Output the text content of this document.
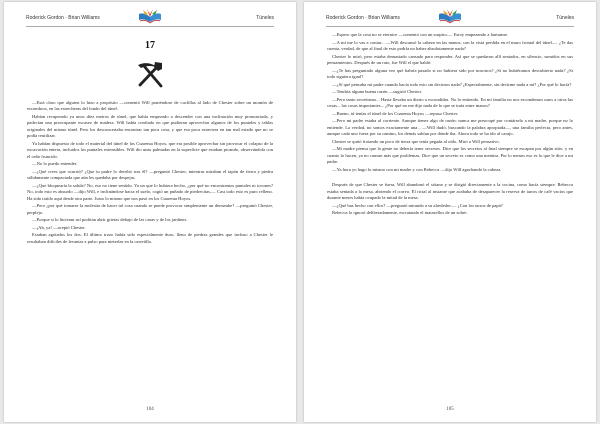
Roderick Gordon · Brian Williams	Túneles
17

—Está claro que alguien lo hizo a propósito —comentó Will poniéndose de cuclillas al lado de Chester sobre un montón de escombros, en las estrecheras del fondo del túnel.

Habían recuperado ya unos diez metros de túnel, que había empezado a descender con una inclinación muy pronunciada, y padecían una preocupante escasez de madera. Will había confiado en que pudieran aprovechar algunos de los puntales y tablas originales del mismo túnel. Pero los desconcertaba encontrar tan poca cosa, y que esa poca estuviera en tan mal estado que no se podía reutilizar.

Ya habían dispuesto de todo el material del túnel de los Cuarenta Hoyos, que era posible aprovechar sin provocar el colapso de la excavación entera, incluidos los puntales extensibles. Will dio unas palmadas en la superficie que estaban picando, observándola con el ceño fruncido.

—No lo puedo entender.

—¿Qué crees que ocurrió? ¿Que tu padre lo derribó tras él? —preguntó Chester, mientras miraban el tapón de tierra y piedra sólidamente compactada que aún les quedaba por despejar.

—¿Que bloquearía la salida? No, eso no tiene sentido. Ya un que lo hubiera hecho, ¿por qué no encontramos puntales ni tocones? No, todo esto es absurdo —dijo Will, e inclinándose hacia el suelo, cogió un puñado de piedrecitas—. Casi todo esto es puro relleno. Ha sido traído aquí desde otra parte. Justo lo mismo que nos pasó en los Cuarenta Hoyos.

—Pero ¿por qué tomarse la molestia de hacer tal cosa cuando se puede provocar simplemente un derrumbe? —preguntó Chester, perplejo.

—Porque si lo hicieran así podrían abrir grietas debajo de las casas y de los jardines.

—¡Ah, ya! —aceptó Chester.

Estaban agotados los dos. El último trozo había sido especialmente duro, lleno de piedras grandes que incluso a Chester le resultaban difíciles de levantar a pulso para meterlas en la carretilla.

104
Roderick Gordon · Brian Williams	Túneles

—Espero que la cosa no se eternice —comentó con un suspiro—. Estoy empezando a hartarme.

—A mí me lo vas a contar... —Will descansó la cabeza en las manos, con la vista perdida en el muro frontal del túnel—. ¿Te das cuenta, verdad, de que al final de esto podría no haber absolutamente nada?

Chester lo miró, pero estaba demasiado cansado para responder. Así que se quedaron allí sentados, en silencio, sumidos en sus pensamientos. Después de un rato, fue Will el que habló:

—¿Te has preguntado alguna vez qué habría pasado si no hubiera sido por nosotros? ¿Si no hubiéramos descubierto nada? ¿Si todo siguiera igual?

—¿Sí qué pensaba mi padre cuando hacía todo esto sin decirnos nada? ¿Especialmente, sin decírme nada a mí? ¿Por qué lo hacía?

—Tendría alguna buena razón —sugirió Chester.

—Pero tanto secretismo... Hasta llevaba un diario a escondidas. No lo entiendo. En mi familia no nos escondemos unos a otros las cosas... las cosas importantes... ¿Por qué no me dijo nada de lo que se traía entre manos?

—Bueno, tú tenías el túnel de los Cuarenta Hoyos —repuso Chester.

—Pero mi padre estaba al corriente. Aunque tienes algo de razón: nunca me preocupé por contárselo a mi madre, porque no lo entiende. La verdad, no somos exactamente una... —Will dudó, buscando la palabra apropiada—, una familia perfecta, pero antes, aunque cada uno fuera por su camino, los demás sabían por dónde iba. Ahora todo se ha ido al carajo.

Chester se quitó frotando un poco de tierra que tenía pegada al oído. Miró a Will pensativo.

—Mi madre piensa que la gente no debería tener secretos. Dice que los secretos al final siempre se escapan por algún sitio, y en cuanto lo hacen, ya no causan más que problemas. Dice que un secreto es como una mentira. Por lo menos eso es lo que le dice a mi padre.

—Ya hora yo hago lo mismo con mi madre y con Rebecca —dijo Will agachando la cabeza.

Después de que Chester se fuera, Will abandonó el sótano y se dirigió directamente a la cocina, como hacía siempre. Rebecca estaba sentada a la mesa, abriendo el correo. El rictal al instante que acababa de desaparecer la reserva de tarros de café vacíos que durante meses había ocupado la mitad de la mesa.

—¿Qué has hecho con ellos? —preguntó mirando a su alrededor—. ¿Con los tarros de papá?

Rebecca lo ignoró deliberadamente, escrutando el matasellos de un sobre.

105
